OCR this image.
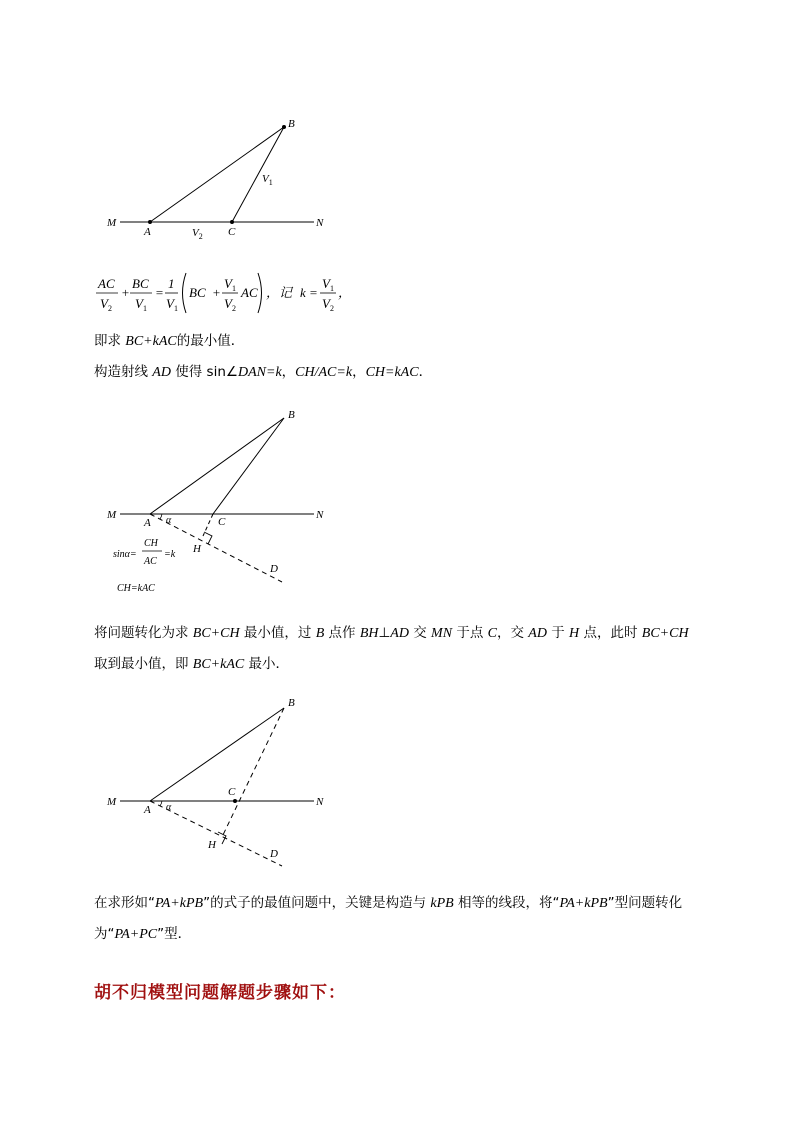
B
$V_1$
M
A	$V_2$ C
N
AC
$V_2$
+
BC
$V_1$
=
1
$V_1$
BC +
$V_1$
$V_2$
AC ，记 k =
$V_1$
$V_2$
，
即求 BC+kAC的最小值．
构造射线 AD 使得 sin∠DAN=k，CH/AC=k，CH=kAC．
B
M
A α	C
N
H
D
sinα=
CH
AC
=k
CH=kAC
将问题转化为求 BC+CH 最小值，过 B 点作 BH⊥AD 交 MN 于点 C，交 AD 于 H 点，此时 BC+CH
取到最小值，即 BC+kAC 最小．
B
M
A α
C
N
H
D
在求形如“PA+kPB”的式子的最值问题中，关键是构造与 kPB 相等的线段，将“PA+kPB”型问题转化
为“PA+PC”型．
胡不归模型问题解题步骤如下：
